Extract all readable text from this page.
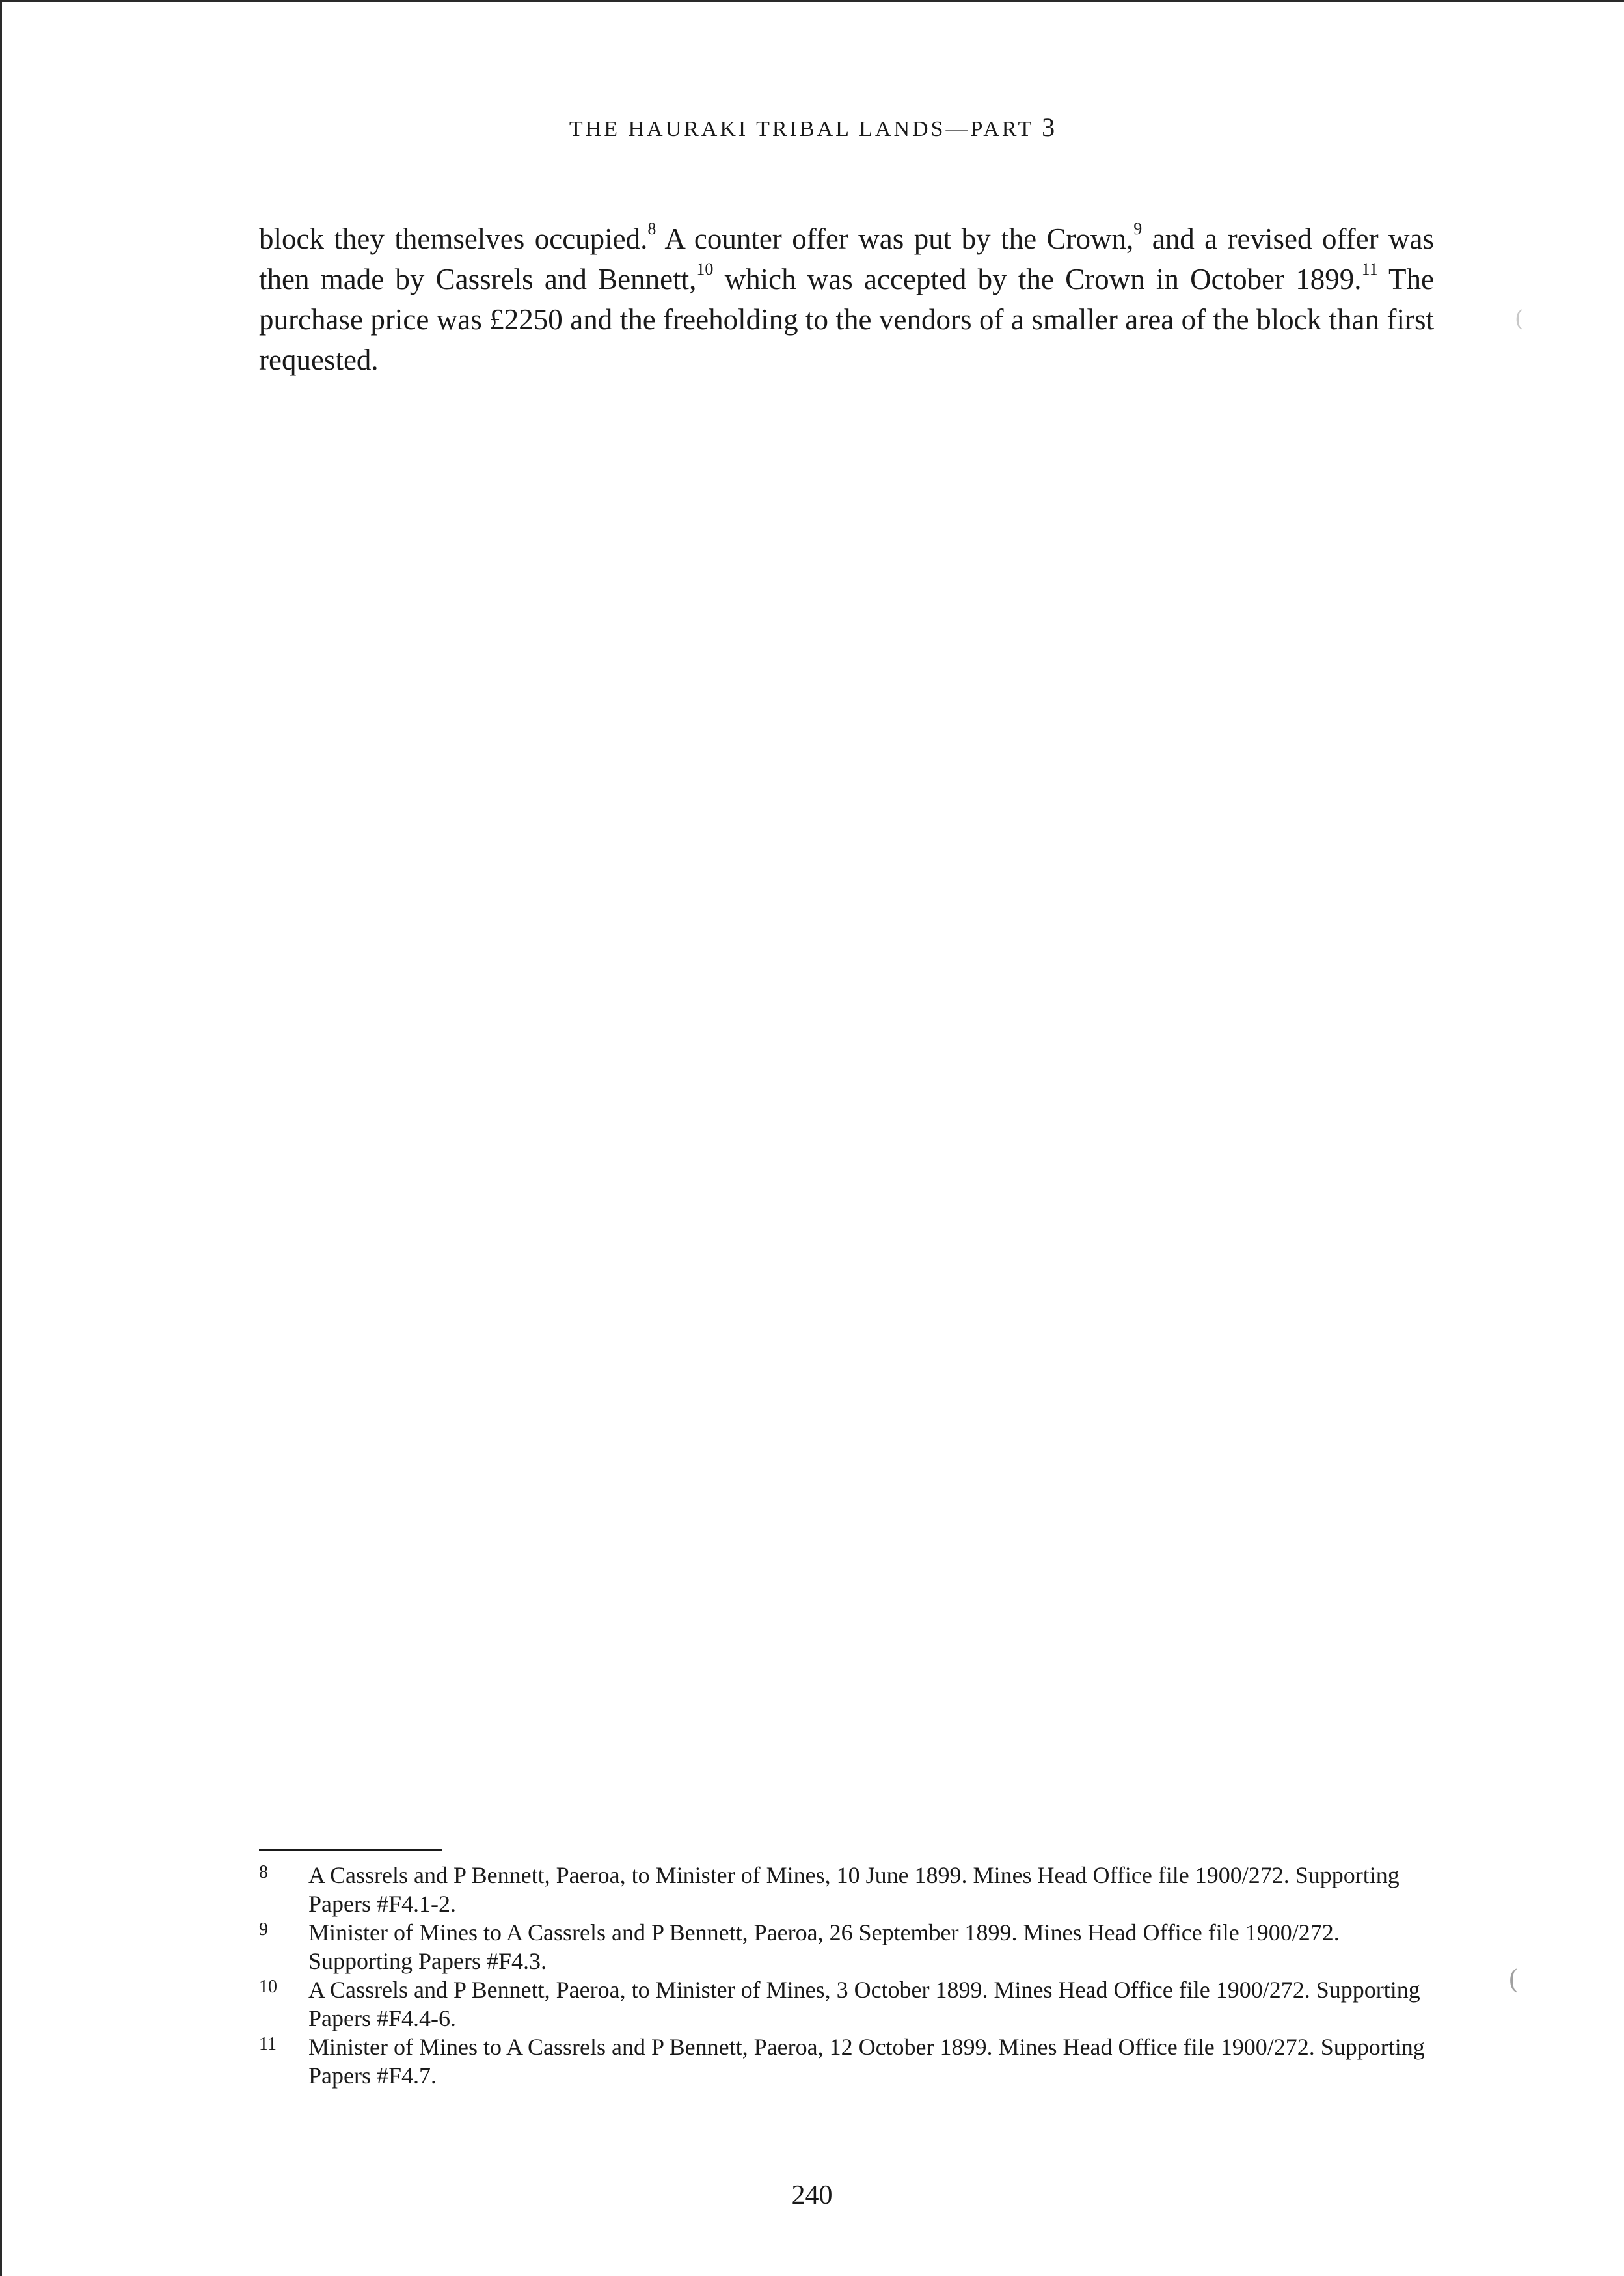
THE HAURAKI TRIBAL LANDS—PART 3

block they themselves occupied.$^8$ A counter offer was put by the Crown,$^9$ and a revised offer was then made by Cassrels and Bennett,$^{10}$ which was accepted by the Crown in October 1899.11 The purchase price was £2250 and the freeholding to the vendors of a smaller area of the block than first requested.

8 A Cassrels and P Bennett, Paeroa, to Minister of Mines, 10 June 1899. Mines Head Office file 1900/272. Supporting Papers #F4.1-2.

9 Minister of Mines to A Cassrels and P Bennett, Paeroa, 26 September 1899. Mines Head Office file 1900/272. Supporting Papers #F4.3.

10 A Cassrels and P Bennett, Paeroa, to Minister of Mines, 3 October 1899. Mines Head Office file 1900/272. Supporting Papers #F4.4-6.

11 Minister of Mines to A Cassrels and P Bennett, Paeroa, 12 October 1899. Mines Head Office file 1900/272. Supporting Papers #F4.7.

240
(
(
